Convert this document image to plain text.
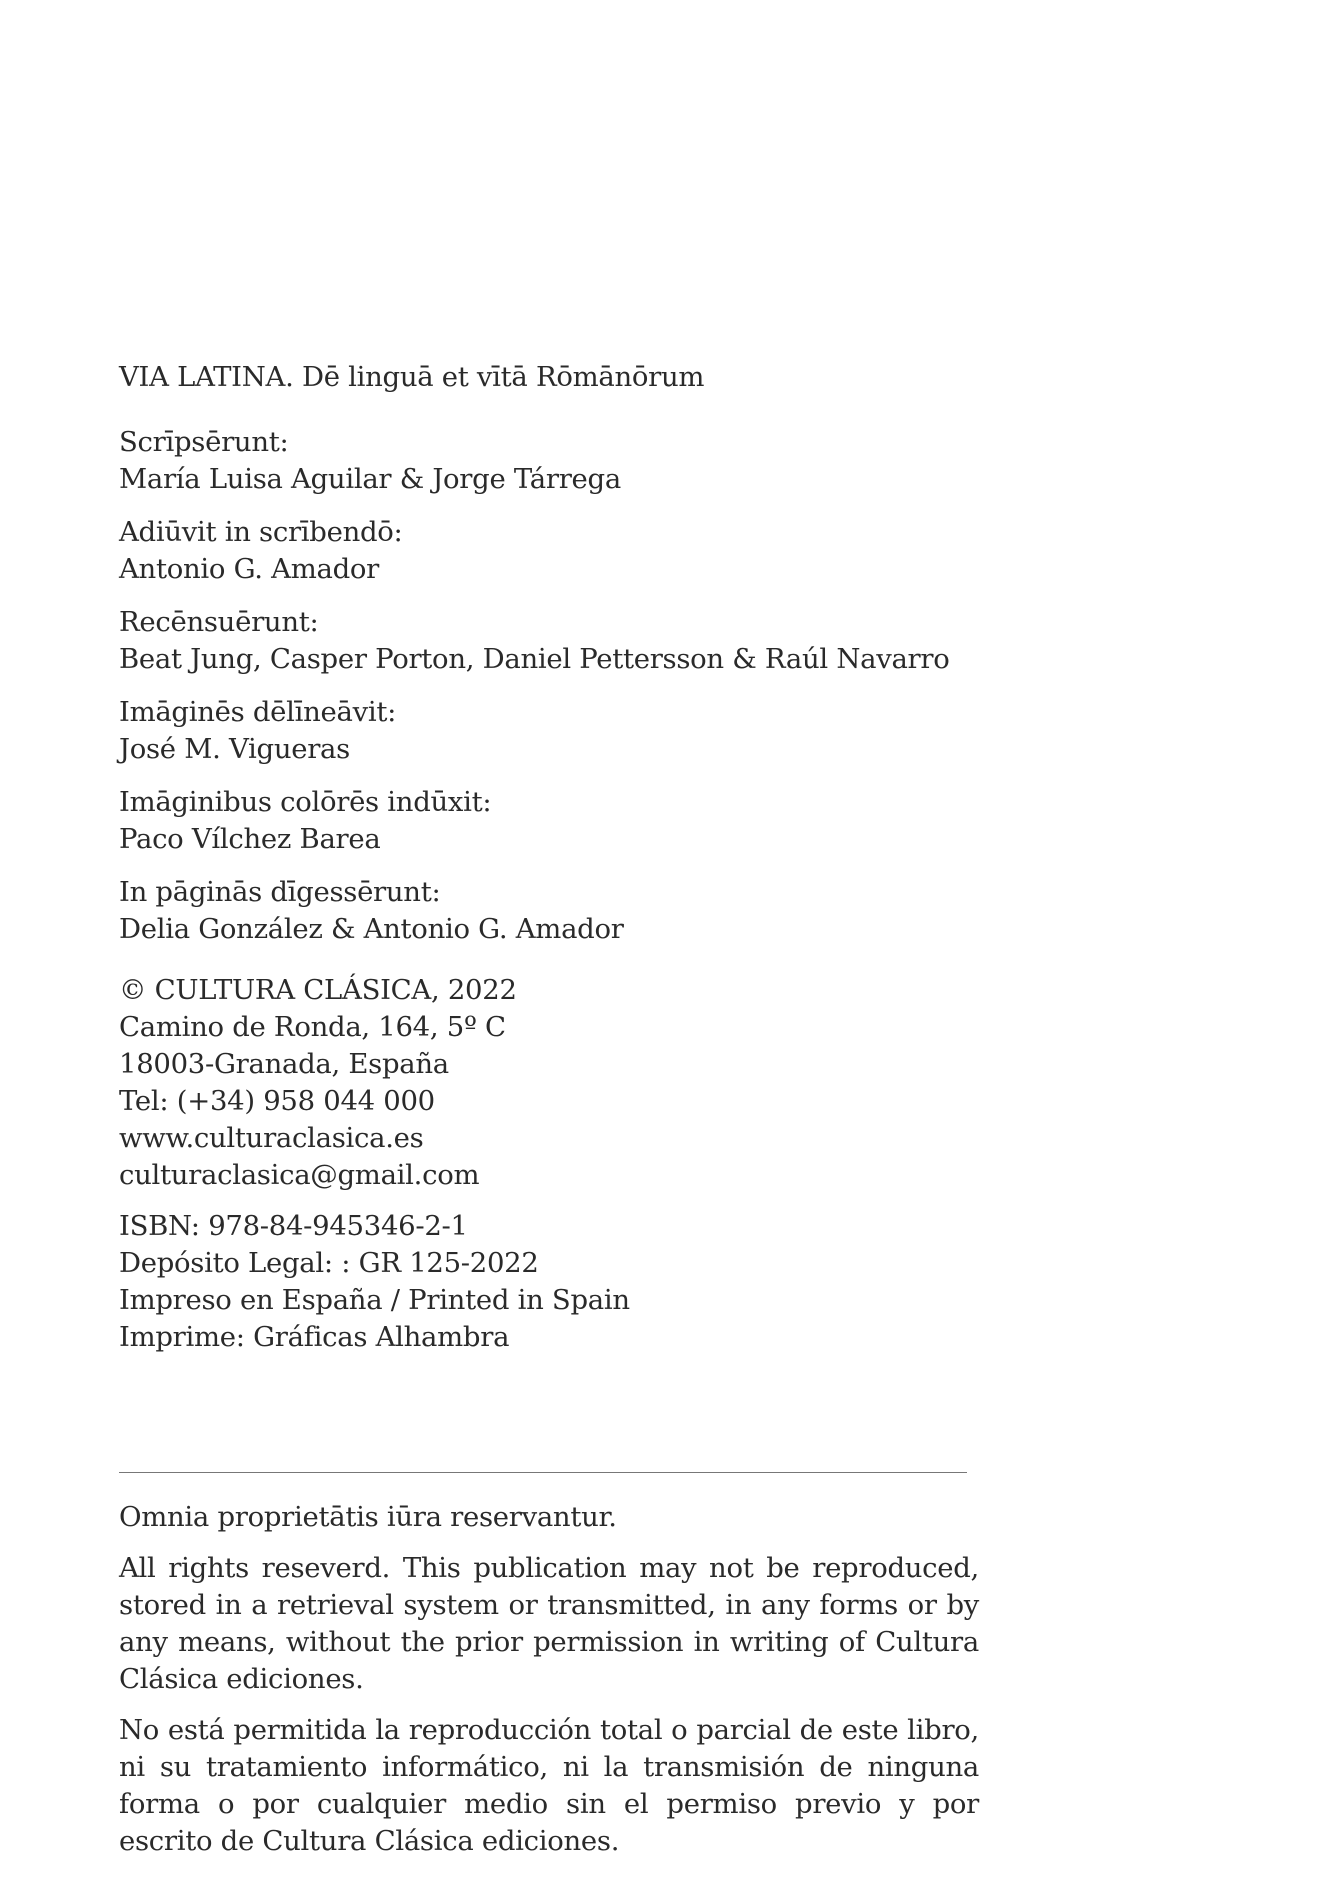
VIA LATINA. Dē linguā et vītā Rōmānōrum
Scrīpsērunt:
María Luisa Aguilar & Jorge Tárrega
Adiūvit in scrībendō:
Antonio G. Amador
Recēnsuērunt:
Beat Jung, Casper Porton, Daniel Pettersson & Raúl Navarro
Imāginēs dēlīneāvit:
José M. Vigueras
Imāginibus colōrēs indūxit:
Paco Vílchez Barea
In pāginās dīgessērunt:
Delia González & Antonio G. Amador
© CULTURA CLÁSICA, 2022
Camino de Ronda, 164, 5º C
18003-Granada, España
Tel: (+34) 958 044 000
www.culturaclasica.es
culturaclasica@gmail.com
ISBN: 978-84-945346-2-1
Depósito Legal: : GR 125-2022
Impreso en España / Printed in Spain
Imprime: Gráficas Alhambra

Omnia proprietātis iūra reservantur.

All rights reseverd. This publication may not be reproduced, stored in a retrieval system or transmitted, in any forms or by any means, without the prior permission in writing of Cultura Clásica ediciones.

No está permitida la reproducción total o parcial de este libro, ni su tratamiento informático, ni la transmisión de ninguna forma o por cualquier medio sin el permiso previo y por escrito de Cultura Clásica ediciones.
